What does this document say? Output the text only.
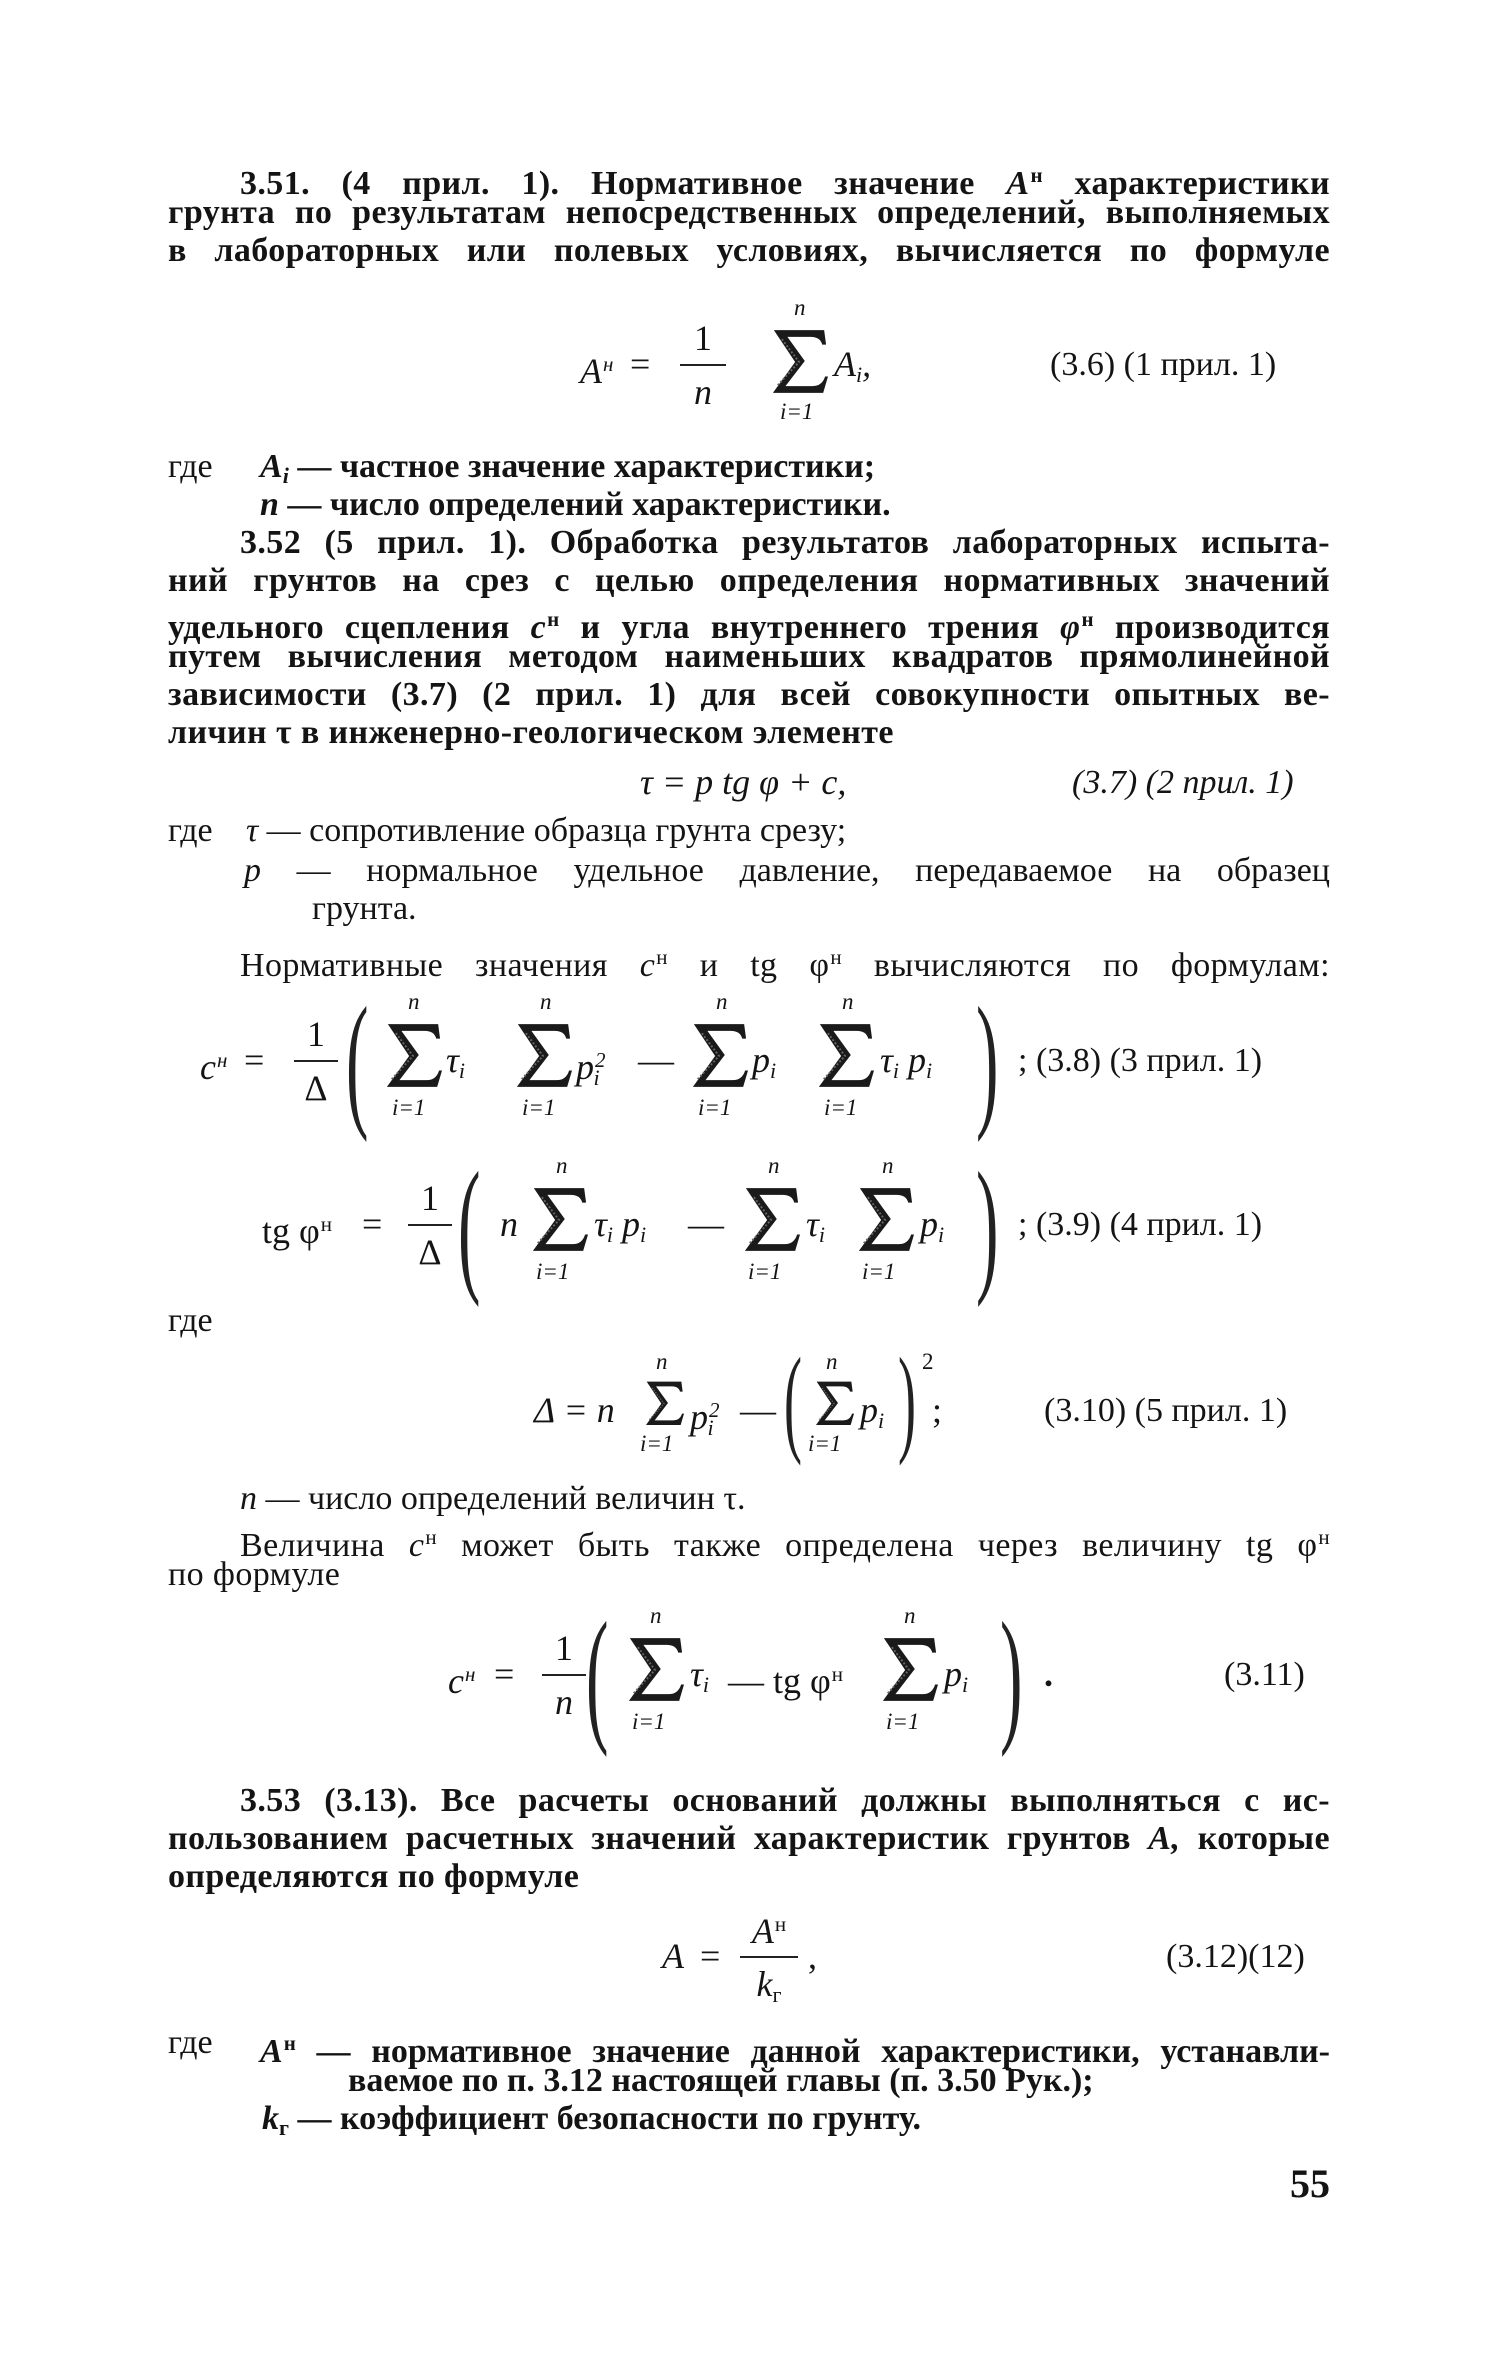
3.51. (4 прил. 1). Нормативное значение $A^н$ характеристики
грунта по результатам непосредственных определений, выполняемых
в лабораторных или полевых условиях, вычисляется по формуле
$A^н$ =
1
n
n
i=1
$A_i$,	(3.6) (1 прил. 1)
где $A_i$ — частное значение характеристики;
n — число определений характеристики.
3.52 (5 прил. 1). Обработка результатов лабораторных испыта-
ний грунтов на срез с целью определения нормативных значений
удельного сцепления $c^н$ и угла внутреннего трения $\varphi^н$ производится
путем вычисления методом наименьших квадратов прямолинейной
зависимости (3.7) (2 прил. 1) для всей совокупности опытных ве-
личин τ в инженерно-геологическом элементе
τ = p tg φ + c,	(3.7) (2 прил. 1)
где τ — сопротивление образца грунта срезу;
p — нормальное удельное давление, передаваемое на образец
грунта.
Нормативные значения $c^н$ и tg $\varphi^н$ вычисляются по формулам:
$c^н$ =
1
Δ ( n
i=1
$\tau_i$
n
i=1
$p^2_i$ —
n
i=1
$p_i$
n
i=1
$\tau_i$ $p_i$ ) ; (3.8) (3 прил. 1)
tg $\varphi^н$ =
1
Δ ( n
n
i=1
$\tau_i$ $p_i$ —
n
i=1
$\tau_i$
n
i=1
$p_i$ ) ; (3.9) (4 прил. 1)
где
Δ = n
n
i=1
$p^2_i$ — ( n
i=1
$p_i$ ) 2
;	(3.10) (5 прил. 1)
n — число определений величин τ.
Величина $c^н$ может быть также определена через величину tg $\varphi^н$
по формуле
$c^н$ =
1
n ( n
i=1
$\tau_i$ — tg $\varphi^н$
n
i=1
$p_i$ ) .	(3.11)
3.53 (3.13). Все расчеты оснований должны выполняться с ис-
пользованием расчетных значений характеристик грунтов A, которые
определяются по формуле
A =
$A^н$
$k_г$
,	(3.12)(12)
где $A^н$ — нормативное значение данной характеристики, устанавли-
ваемое по п. 3.12 настоящей главы (п. 3.50 Рук.);
$k_г$ — коэффициент безопасности по грунту.
55
